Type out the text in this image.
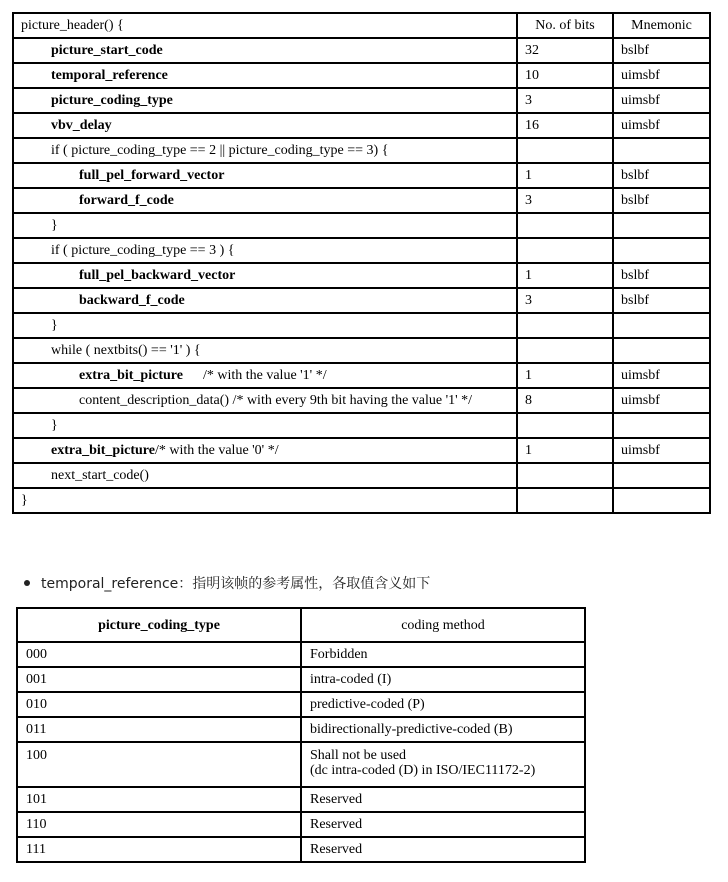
picture_header() {	No. of bits	Mnemonic
picture_start_code	32	bslbf
temporal_reference	10	uimsbf
picture_coding_type	3	uimsbf
vbv_delay	16	uimsbf
if ( picture_coding_type == 2 || picture_coding_type == 3) {		
full_pel_forward_vector	1	bslbf
forward_f_code	3	bslbf
}		
if ( picture_coding_type == 3 ) {		
full_pel_backward_vector	1	bslbf
backward_f_code	3	bslbf
}		
while ( nextbits() == '1' ) {		
extra_bit_picture /* with the value '1' */	1	uimsbf
content_description_data() /* with every 9th bit having the value '1' */	8	uimsbf
}		
extra_bit_picture/* with the value '0' */	1	uimsbf
next_start_code()		
}		
temporal_reference：指明该帧的参考属性，各取值含义如下
picture_coding_type	coding method
000	Forbidden
001	intra-coded (I)
010	predictive-coded (P)
011	bidirectionally-predictive-coded (B)
100	Shall not be used
(dc intra-coded (D) in ISO/IEC11172-2)

101	Reserved
110	Reserved
111	Reserved
